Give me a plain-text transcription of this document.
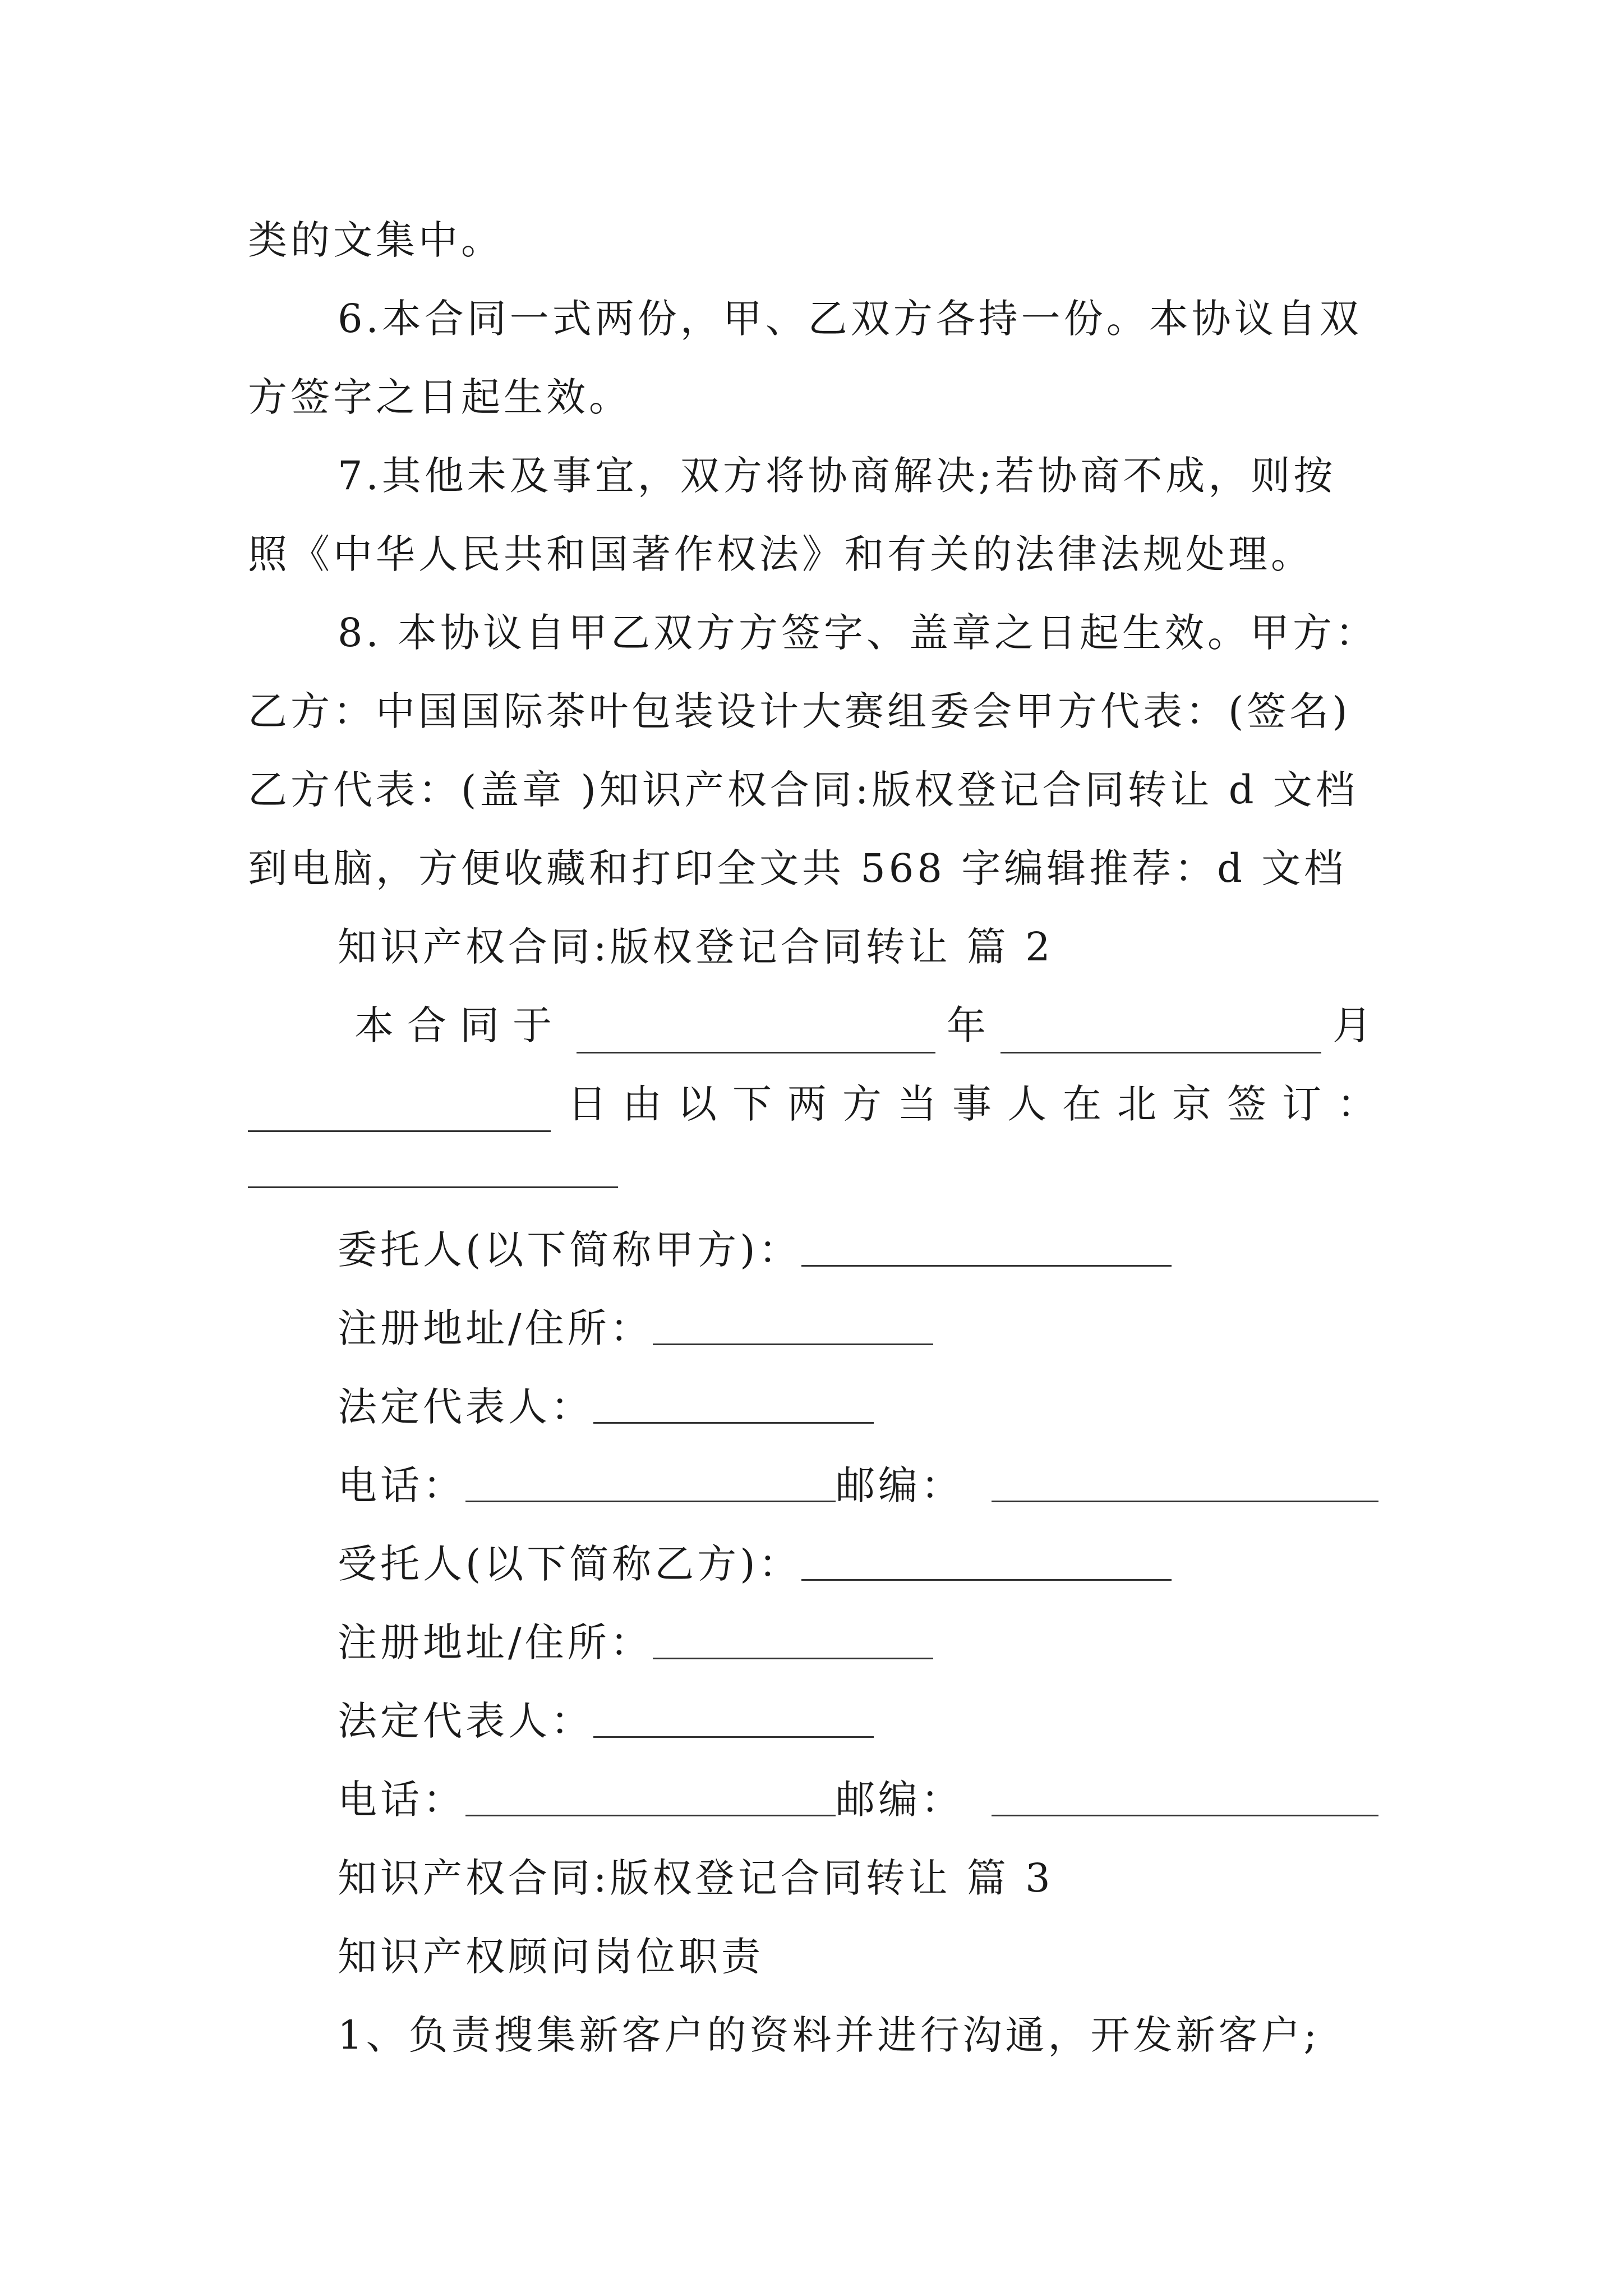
类的文集中。
6.本合同一式两份，甲、乙双方各持一份。本协议自双
方签字之日起生效。
7.其他未及事宜，双方将协商解决;若协商不成，则按
照《中华人民共和国著作权法》和有关的法律法规处理。
8. 本协议自甲乙双方方签字、盖章之日起生效。甲方：
乙方：中国国际茶叶包装设计大赛组委会甲方代表：(签名)
乙方代表：(盖章 )知识产权合同:版权登记合同转让 d 文档
到电脑，方便收藏和打印全文共 568 字编辑推荐：d 文档
知识产权合同:版权登记合同转让 篇 2
本合同于	年	月
日由以下两方当事人在北京签订：
委托人(以下简称甲方)：
注册地址/住所：
法定代表人：
电话：	邮编：
受托人(以下简称乙方)：
注册地址/住所：
法定代表人：
电话：	邮编：
知识产权合同:版权登记合同转让 篇 3
知识产权顾问岗位职责
1、负责搜集新客户的资料并进行沟通，开发新客户;
